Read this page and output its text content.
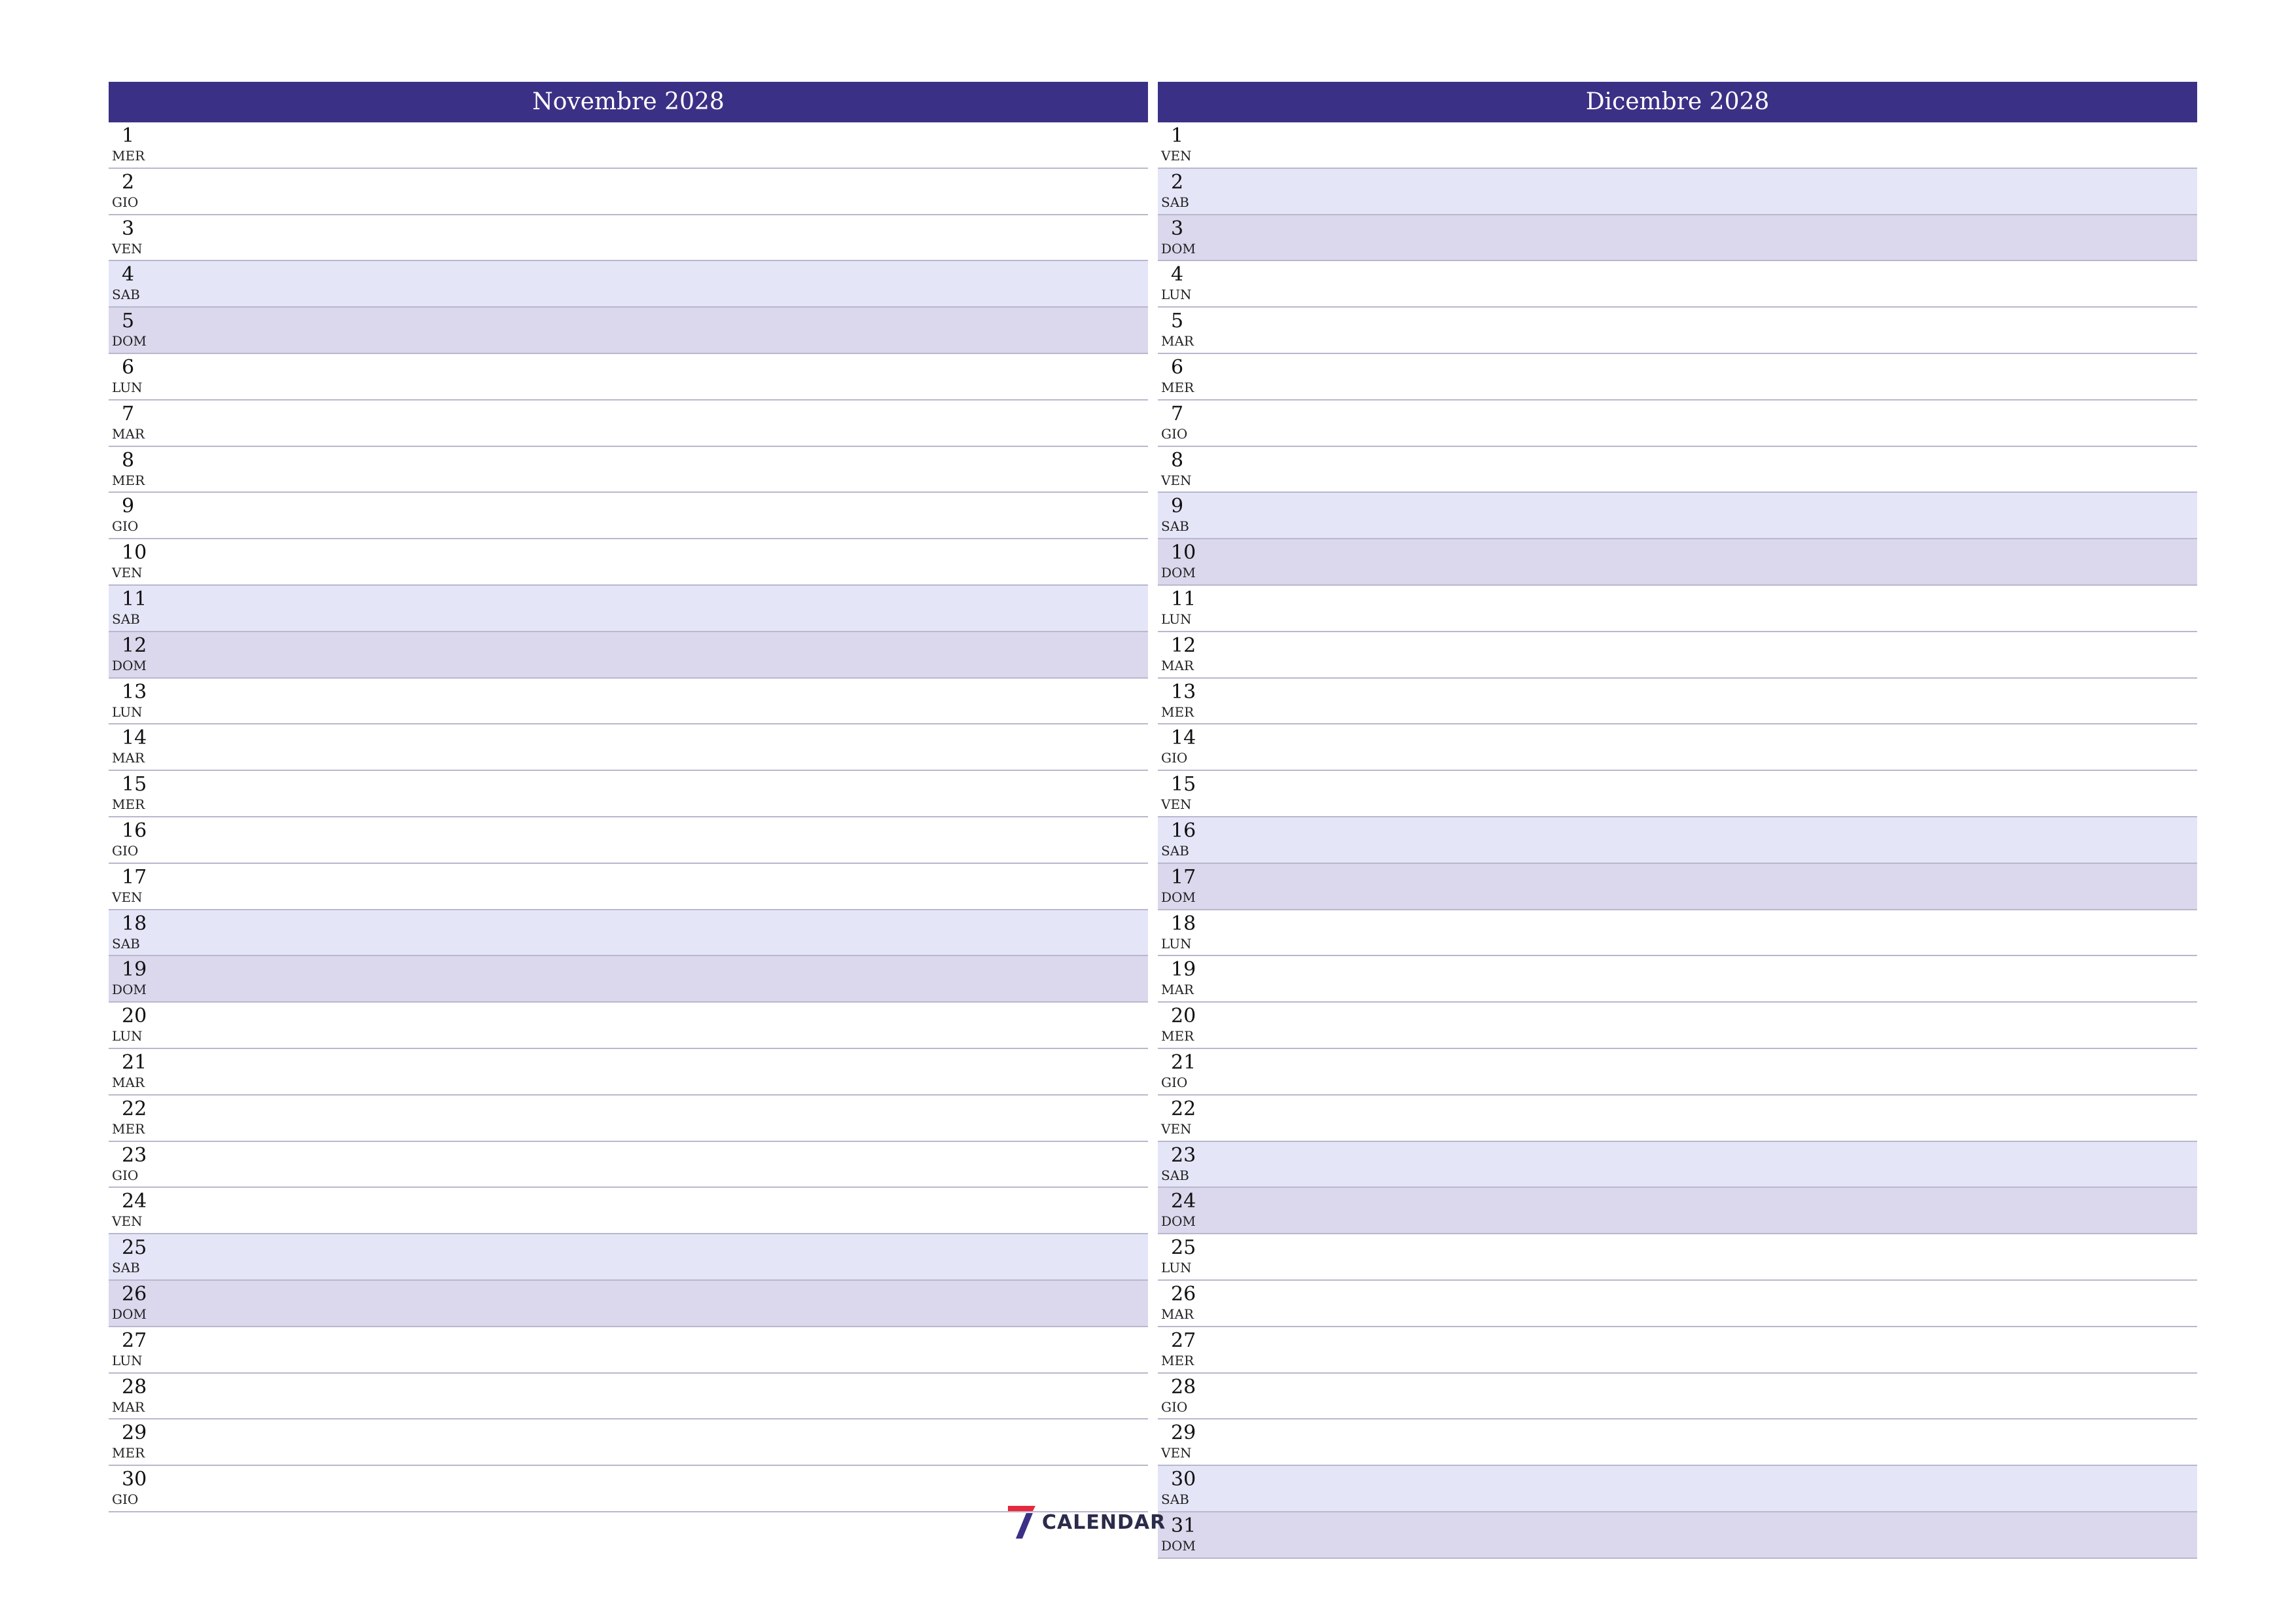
Novembre 2028
1
MER
2
GIO
3
VEN
4
SAB
5
DOM
6
LUN
7
MAR
8
MER
9
GIO
10
VEN
11
SAB
12
DOM
13
LUN
14
MAR
15
MER
16
GIO
17
VEN
18
SAB
19
DOM
20
LUN
21
MAR
22
MER
23
GIO
24
VEN
25
SAB
26
DOM
27
LUN
28
MAR
29
MER
30
GIO
Dicembre 2028
1
VEN
2
SAB
3
DOM
4
LUN
5
MAR
6
MER
7
GIO
8
VEN
9
SAB
10
DOM
11
LUN
12
MAR
13
MER
14
GIO
15
VEN
16
SAB
17
DOM
18
LUN
19
MAR
20
MER
21
GIO
22
VEN
23
SAB
24
DOM
25
LUN
26
MAR
27
MER
28
GIO
29
VEN
30
SAB
31
DOM
CALENDAR
